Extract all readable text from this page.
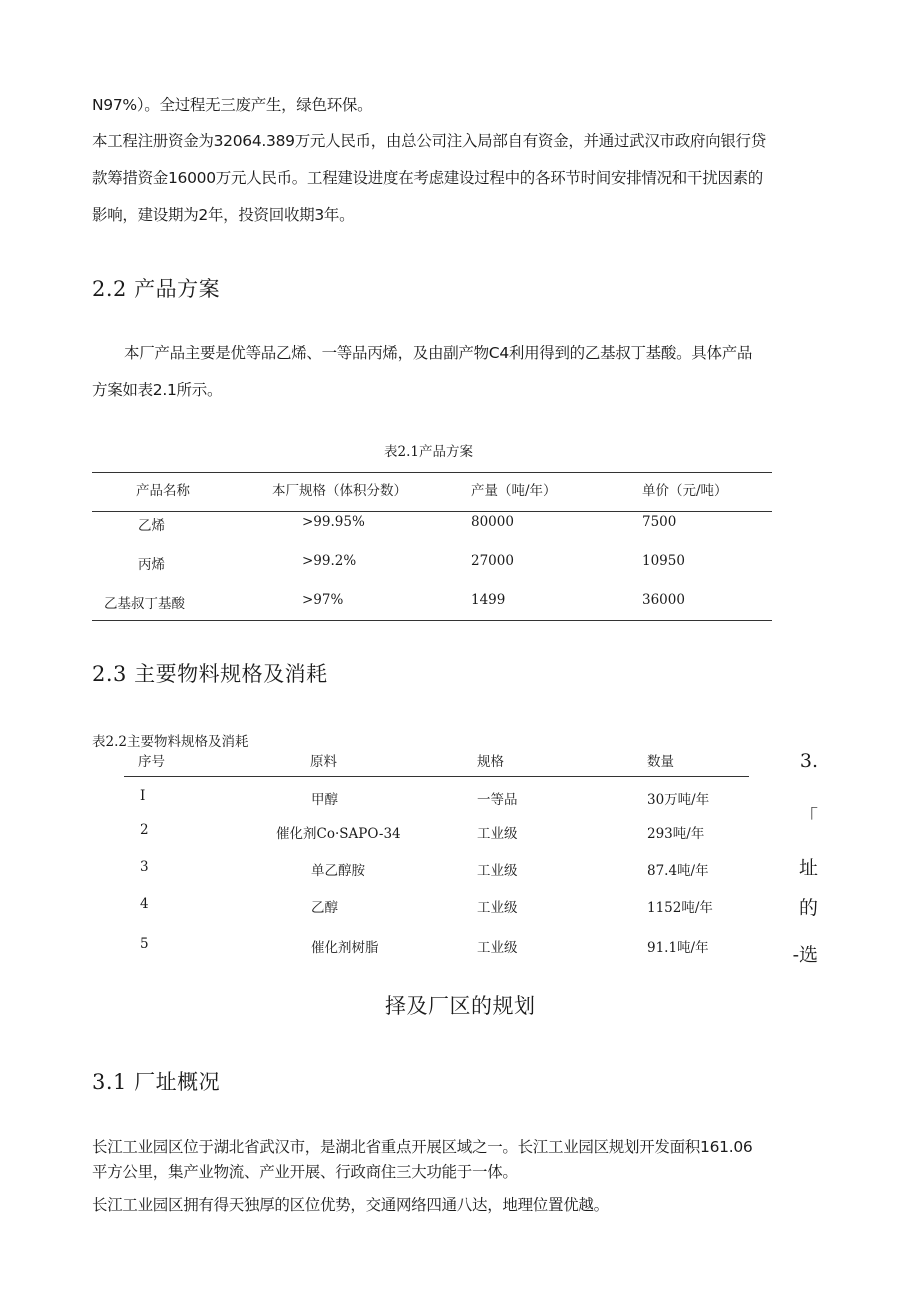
N97%）。全过程无三废产生，绿色环保。
本工程注册资金为32064.389万元人民币，由总公司注入局部自有资金，并通过武汉市政府向银行贷
款筹措资金16000万元人民币。工程建设进度在考虑建设过程中的各环节时间安排情况和干扰因素的
影响，建设期为2年，投资回收期3年。
2.2 产品方案
本厂产品主要是优等品乙烯、一等品丙烯，及由副产物C4利用得到的乙基叔丁基酸。具体产品
方案如表2.1所示。
表2.1产品方案
产品名称	本厂规格（体积分数）	产量（吨/年）	单价（元/吨）
乙烯	>99.95%	80000	7500
丙烯	>99.2%	27000	10950
乙基叔丁基酸	>97%	1499	36000
2.3 主要物料规格及消耗
表2.2主要物料规格及消耗
序号	原料	规格	数量
I	甲醇	一等品	30万吨/年
2	催化剂Co·SAPO-34	工业级	293吨/年
3	单乙醇胺	工业级	87.4吨/年
4	乙醇	工业级	1152吨/年
5	催化剂树脂	工业级	91.1吨/年
3.
「
址
的
-选
择及厂区的规划
3.1 厂址概况
长江工业园区位于湖北省武汉市，是湖北省重点开展区域之一。长江工业园区规划开发面积161.06
平方公里，集产业物流、产业开展、行政商住三大功能于一体。
长江工业园区拥有得天独厚的区位优势，交通网络四通八达，地理位置优越。
